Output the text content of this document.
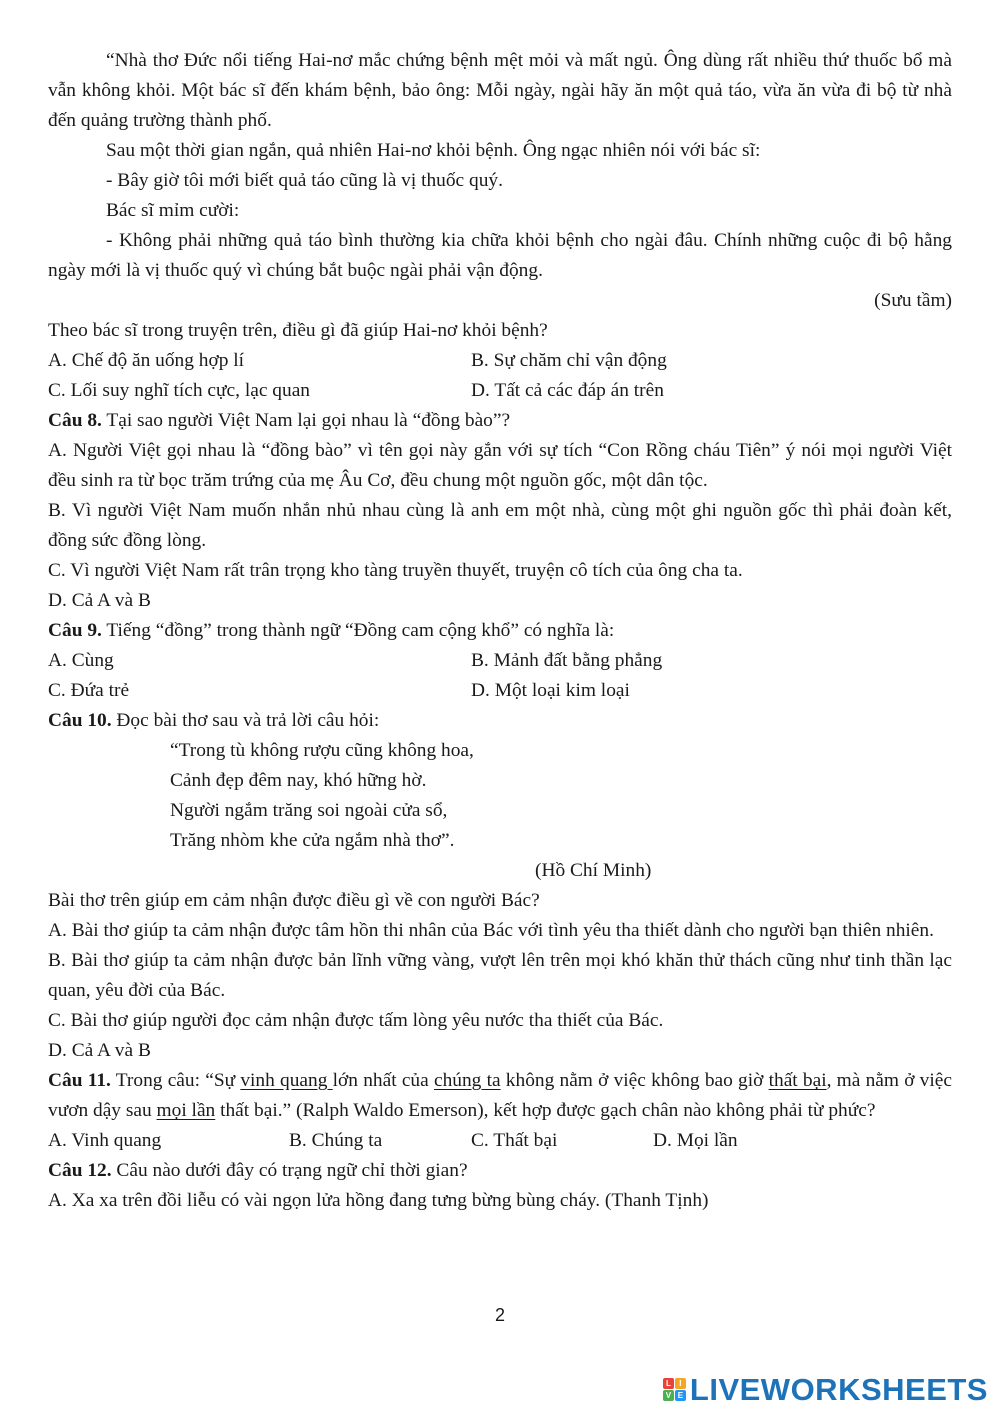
“Nhà thơ Đức nổi tiếng Hai-nơ mắc chứng bệnh mệt mỏi và mất ngủ. Ông dùng rất nhiều thứ thuốc bổ mà vẫn không khỏi. Một bác sĩ đến khám bệnh, bảo ông: Mỗi ngày, ngài hãy ăn một quả táo, vừa ăn vừa đi bộ từ nhà đến quảng trường thành phố.

Sau một thời gian ngắn, quả nhiên Hai-nơ khỏi bệnh. Ông ngạc nhiên nói với bác sĩ:

- Bây giờ tôi mới biết quả táo cũng là vị thuốc quý.

Bác sĩ mỉm cười:

- Không phải những quả táo bình thường kia chữa khỏi bệnh cho ngài đâu. Chính những cuộc đi bộ hằng ngày mới là vị thuốc quý vì chúng bắt buộc ngài phải vận động.

(Sưu tầm)

Theo bác sĩ trong truyện trên, điều gì đã giúp Hai-nơ khỏi bệnh?

A. Chế độ ăn uống hợp lí	B. Sự chăm chỉ vận động
C. Lối suy nghĩ tích cực, lạc quan	D. Tất cả các đáp án trên

Câu 8. Tại sao người Việt Nam lại gọi nhau là “đồng bào”?

A. Người Việt gọi nhau là “đồng bào” vì tên gọi này gắn với sự tích “Con Rồng cháu Tiên” ý nói mọi người Việt đều sinh ra từ bọc trăm trứng của mẹ Âu Cơ, đều chung một nguồn gốc, một dân tộc.

B. Vì người Việt Nam muốn nhắn nhủ nhau cùng là anh em một nhà, cùng một ghi nguồn gốc thì phải đoàn kết, đồng sức đồng lòng.

C. Vì người Việt Nam rất trân trọng kho tàng truyền thuyết, truyện cô tích của ông cha ta.

D. Cả A và B

Câu 9. Tiếng “đồng” trong thành ngữ “Đồng cam cộng khổ” có nghĩa là:

A. Cùng	B. Mảnh đất bằng phẳng
C. Đứa trẻ	D. Một loại kim loại

Câu 10. Đọc bài thơ sau và trả lời câu hỏi:

“Trong tù không rượu cũng không hoa,

Cảnh đẹp đêm nay, khó hững hờ.

Người ngắm trăng soi ngoài cửa sổ,

Trăng nhòm khe cửa ngắm nhà thơ”.

(Hồ Chí Minh)

Bài thơ trên giúp em cảm nhận được điều gì về con người Bác?

A. Bài thơ giúp ta cảm nhận được tâm hồn thi nhân của Bác với tình yêu tha thiết dành cho người bạn thiên nhiên.

B. Bài thơ giúp ta cảm nhận được bản lĩnh vững vàng, vượt lên trên mọi khó khăn thử thách cũng như tinh thần lạc quan, yêu đời của Bác.

C. Bài thơ giúp người đọc cảm nhận được tấm lòng yêu nước tha thiết của Bác.

D. Cả A và B

Câu 11. Trong câu: “Sự vinh quang lớn nhất của chúng ta không nằm ở việc không bao giờ thất bại, mà nằm ở việc vươn dậy sau mọi lần thất bại.” (Ralph Waldo Emerson), kết hợp được gạch chân nào không phải từ phức?

A. Vinh quang	B. Chúng ta	C. Thất bại	D. Mọi lần

Câu 12. Câu nào dưới đây có trạng ngữ chỉ thời gian?

A. Xa xa trên đồi liễu có vài ngọn lửa hồng đang tưng bừng bùng cháy. (Thanh Tịnh)

2
L	I
V E LIVEWORKSHEETS
